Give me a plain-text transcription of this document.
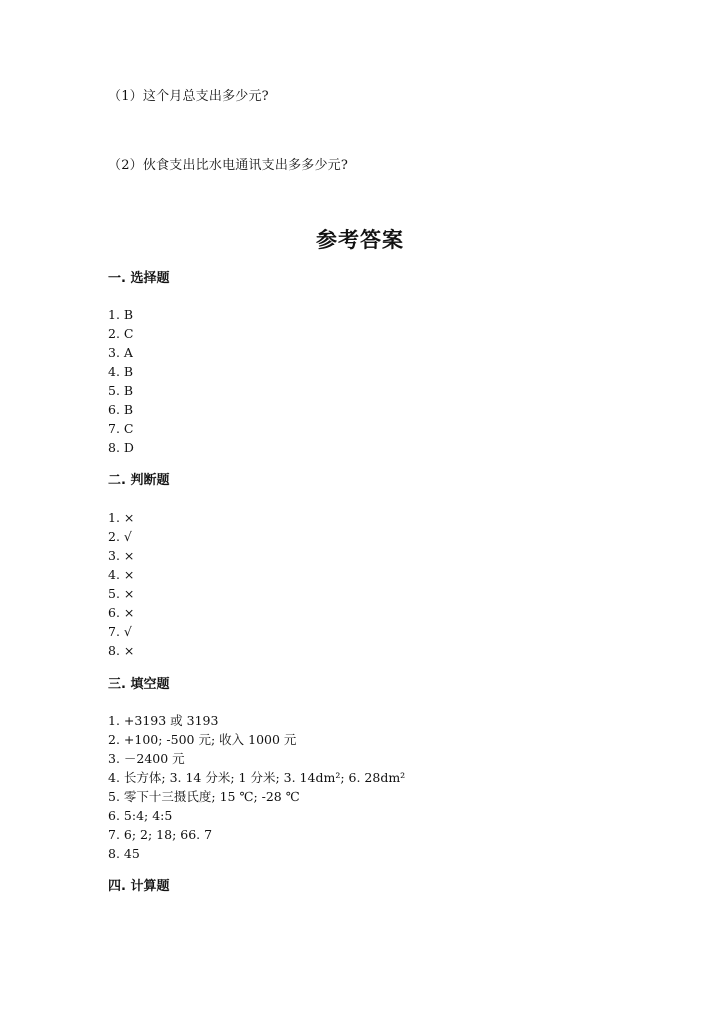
（1）这个月总支出多少元?
（2）伙食支出比水电通讯支出多多少元?
参考答案
一. 选择题
1. B
2. C
3. A
4. B
5. B
6. B
7. C
8. D
二. 判断题
1. ×
2. √
3. ×
4. ×
5. ×
6. ×
7. √
8. ×
三. 填空题
1. +3193 或 3193
2. +100; -500 元; 收入 1000 元
3. －2400 元
4. 长方体; 3. 14 分米; 1 分米; 3. 14dm²; 6. 28dm²
5. 零下十三摄氏度; 15 ℃; -28 ℃
6. 5:4; 4:5
7. 6; 2; 18; 66. 7
8. 45
四. 计算题
